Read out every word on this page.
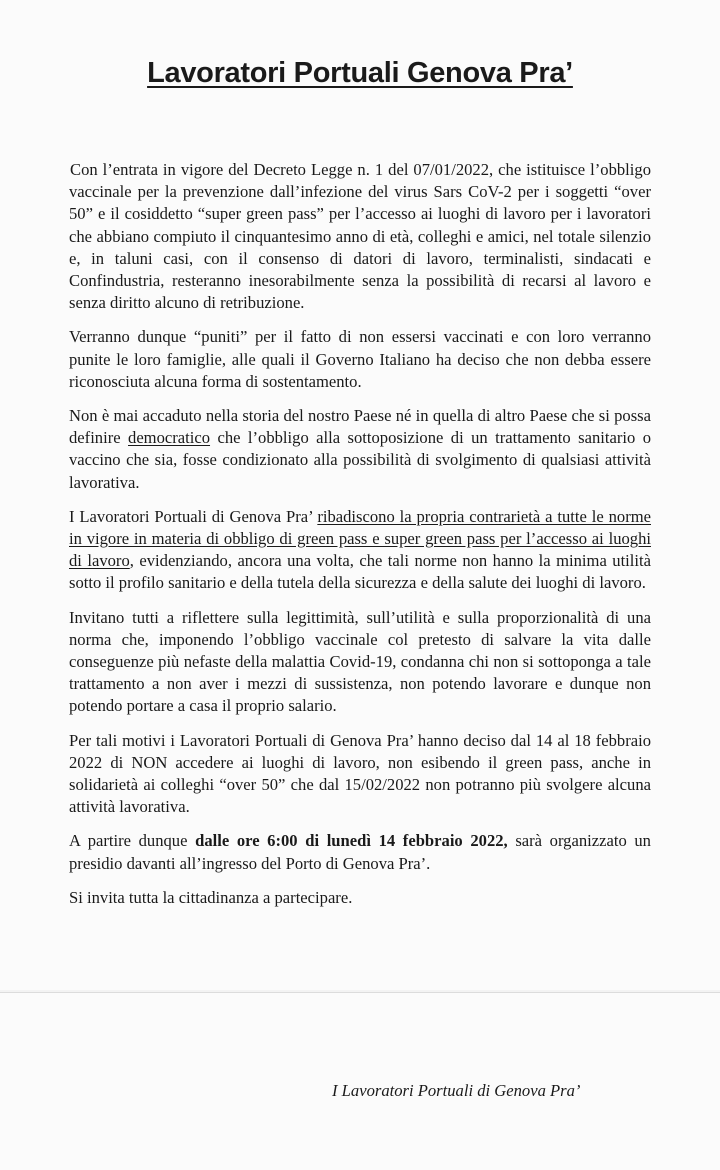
Lavoratori Portuali Genova Pra’

Con l’entrata in vigore del Decreto Legge n. 1 del 07/01/2022, che istituisce l’obbligo vaccinale per la prevenzione dall’infezione del virus Sars CoV-2 per i soggetti “over 50” e il cosiddetto “super green pass” per l’accesso ai luoghi di lavoro per i lavoratori che abbiano compiuto il cinquantesimo anno di età, colleghi e amici, nel totale silenzio e, in taluni casi, con il consenso di datori di lavoro, terminalisti, sindacati e Confindustria, resteranno inesorabilmente senza la possibilità di recarsi al lavoro e senza diritto alcuno di retribuzione.

Verranno dunque “puniti” per il fatto di non essersi vaccinati e con loro verranno punite le loro famiglie, alle quali il Governo Italiano ha deciso che non debba essere riconosciuta alcuna forma di sostentamento.

Non è mai accaduto nella storia del nostro Paese né in quella di altro Paese che si possa definire democratico che l’obbligo alla sottoposizione di un trattamento sanitario o vaccino che sia, fosse condizionato alla possibilità di svolgimento di qualsiasi attività lavorativa.

I Lavoratori Portuali di Genova Pra’ ribadiscono la propria contrarietà a tutte le norme in vigore in materia di obbligo di green pass e super green pass per l’accesso ai luoghi di lavoro, evidenziando, ancora una volta, che tali norme non hanno la minima utilità sotto il profilo sanitario e della tutela della sicurezza e della salute dei luoghi di lavoro.

Invitano tutti a riflettere sulla legittimità, sull’utilità e sulla proporzionalità di una norma che, imponendo l’obbligo vaccinale col pretesto di salvare la vita dalle conseguenze più nefaste della malattia Covid-19, condanna chi non si sottoponga a tale trattamento a non aver i mezzi di sussistenza, non potendo lavorare e dunque non potendo portare a casa il proprio salario.

Per tali motivi i Lavoratori Portuali di Genova Pra’ hanno deciso dal 14 al 18 febbraio 2022 di NON accedere ai luoghi di lavoro, non esibendo il green pass, anche in solidarietà ai colleghi “over 50” che dal 15/02/2022 non potranno più svolgere alcuna attività lavorativa.

A partire dunque dalle ore 6:00 di lunedì 14 febbraio 2022, sarà organizzato un presidio davanti all’ingresso del Porto di Genova Pra’.

Si invita tutta la cittadinanza a partecipare.

I Lavoratori Portuali di Genova Pra’
